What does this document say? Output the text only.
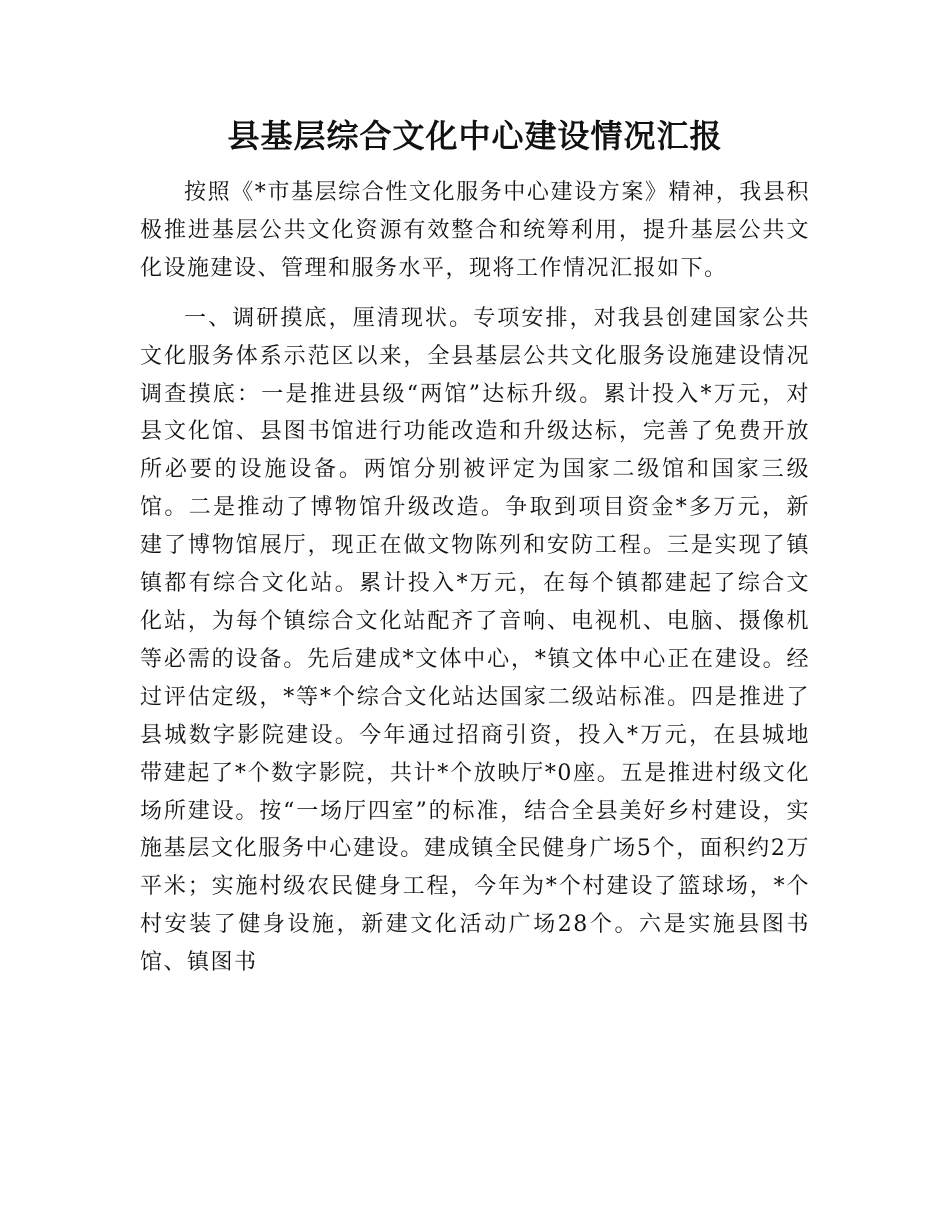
县基层综合文化中心建设情况汇报

按照《*市基层综合性文化服务中心建设方案》精神，我县积极推进基层公共文化资源有效整合和统筹利用，提升基层公共文化设施建设、管理和服务水平，现将工作情况汇报如下。

一、调研摸底，厘清现状。专项安排，对我县创建国家公共文化服务体系示范区以来，全县基层公共文化服务设施建设情况调查摸底：一是推进县级“两馆”达标升级。累计投入*万元，对县文化馆、县图书馆进行功能改造和升级达标，完善了免费开放所必要的设施设备。两馆分别被评定为国家二级馆和国家三级馆。二是推动了博物馆升级改造。争取到项目资金*多万元，新建了博物馆展厅，现正在做文物陈列和安防工程。三是实现了镇镇都有综合文化站。累计投入*万元，在每个镇都建起了综合文化站，为每个镇综合文化站配齐了音响、电视机、电脑、摄像机等必需的设备。先后建成*文体中心，*镇文体中心正在建设。经过评估定级，*等*个综合文化站达国家二级站标准。四是推进了县城数字影院建设。今年通过招商引资，投入*万元，在县城地带建起了*个数字影院，共计*个放映厅*0座。五是推进村级文化场所建设。按“一场厅四室”的标准，结合全县美好乡村建设，实施基层文化服务中心建设。建成镇全民健身广场5个，面积约2万平米；实施村级农民健身工程，今年为*个村建设了篮球场，*个村安装了健身设施，新建文化活动广场28个。六是实施县图书馆、镇图书
